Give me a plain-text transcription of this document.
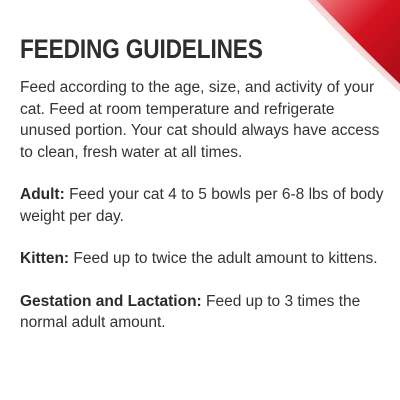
FEEDING GUIDELINES

Feed according to the age, size, and activity of your cat. Feed at room temperature and refrigerate unused portion. Your cat should always have access to clean, fresh water at all times.

Adult: Feed your cat 4 to 5 bowls per 6-8 lbs of body weight per day.

Kitten: Feed up to twice the adult amount to kittens.

Gestation and Lactation: Feed up to 3 times the normal adult amount.
